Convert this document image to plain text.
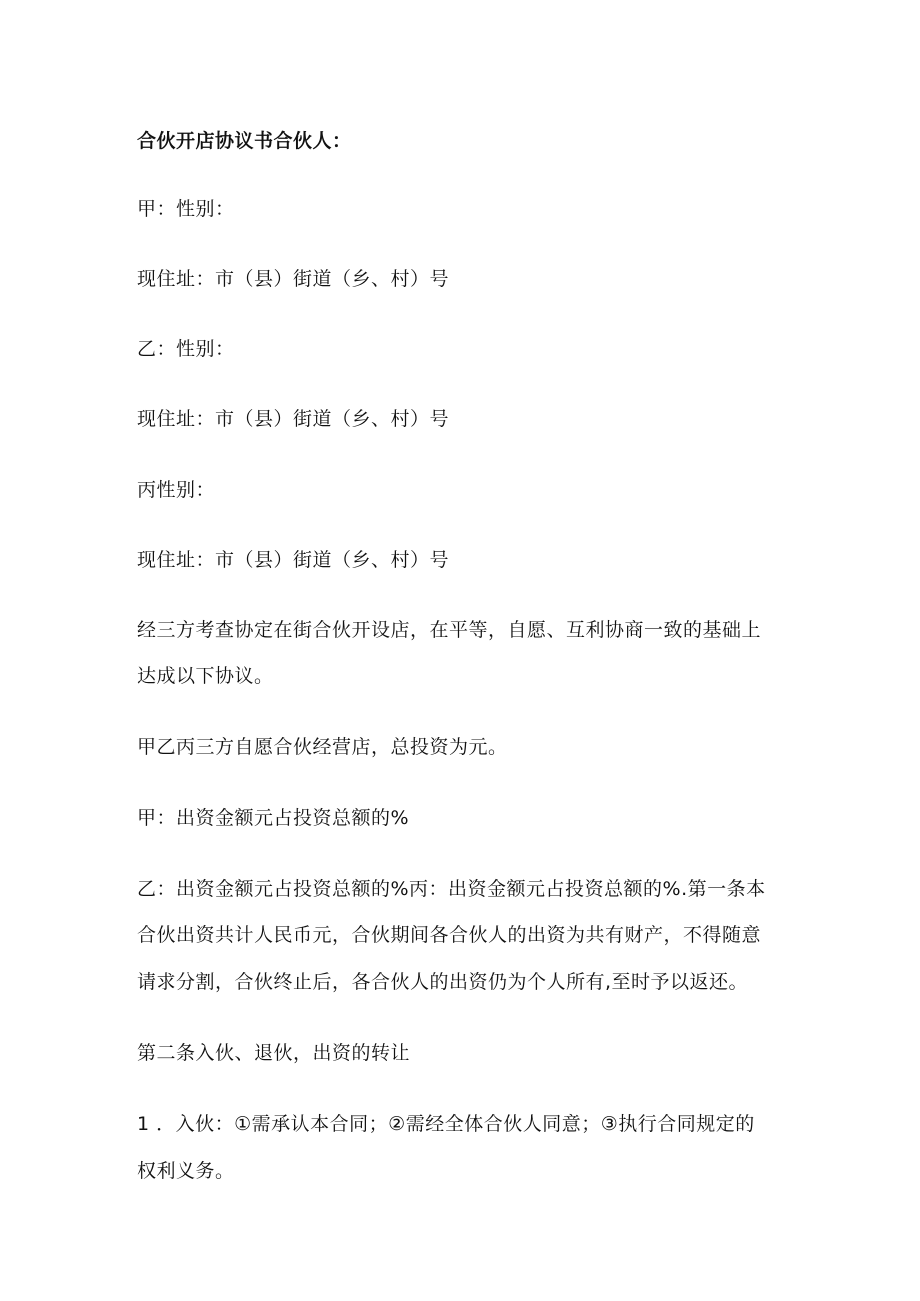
合伙开店协议书合伙人：
甲：性别：
现住址：市（县）街道（乡、村）号
乙：性别：
现住址：市（县）街道（乡、村）号
丙性别：
现住址：市（县）街道（乡、村）号
经三方考查协定在街合伙开设店，在平等，自愿、互利协商一致的基础上
达成以下协议。
甲乙丙三方自愿合伙经营店，总投资为元。
甲：出资金额元占投资总额的%
乙：出资金额元占投资总额的%丙：出资金额元占投资总额的%.第一条本
合伙出资共计人民币元，合伙期间各合伙人的出资为共有财产，不得随意
请求分割，合伙终止后，各合伙人的出资仍为个人所有,至时予以返还。
第二条入伙、退伙，出资的转让
1 ．入伙：①需承认本合同；②需经全体合伙人同意；③执行合同规定的
权利义务。
